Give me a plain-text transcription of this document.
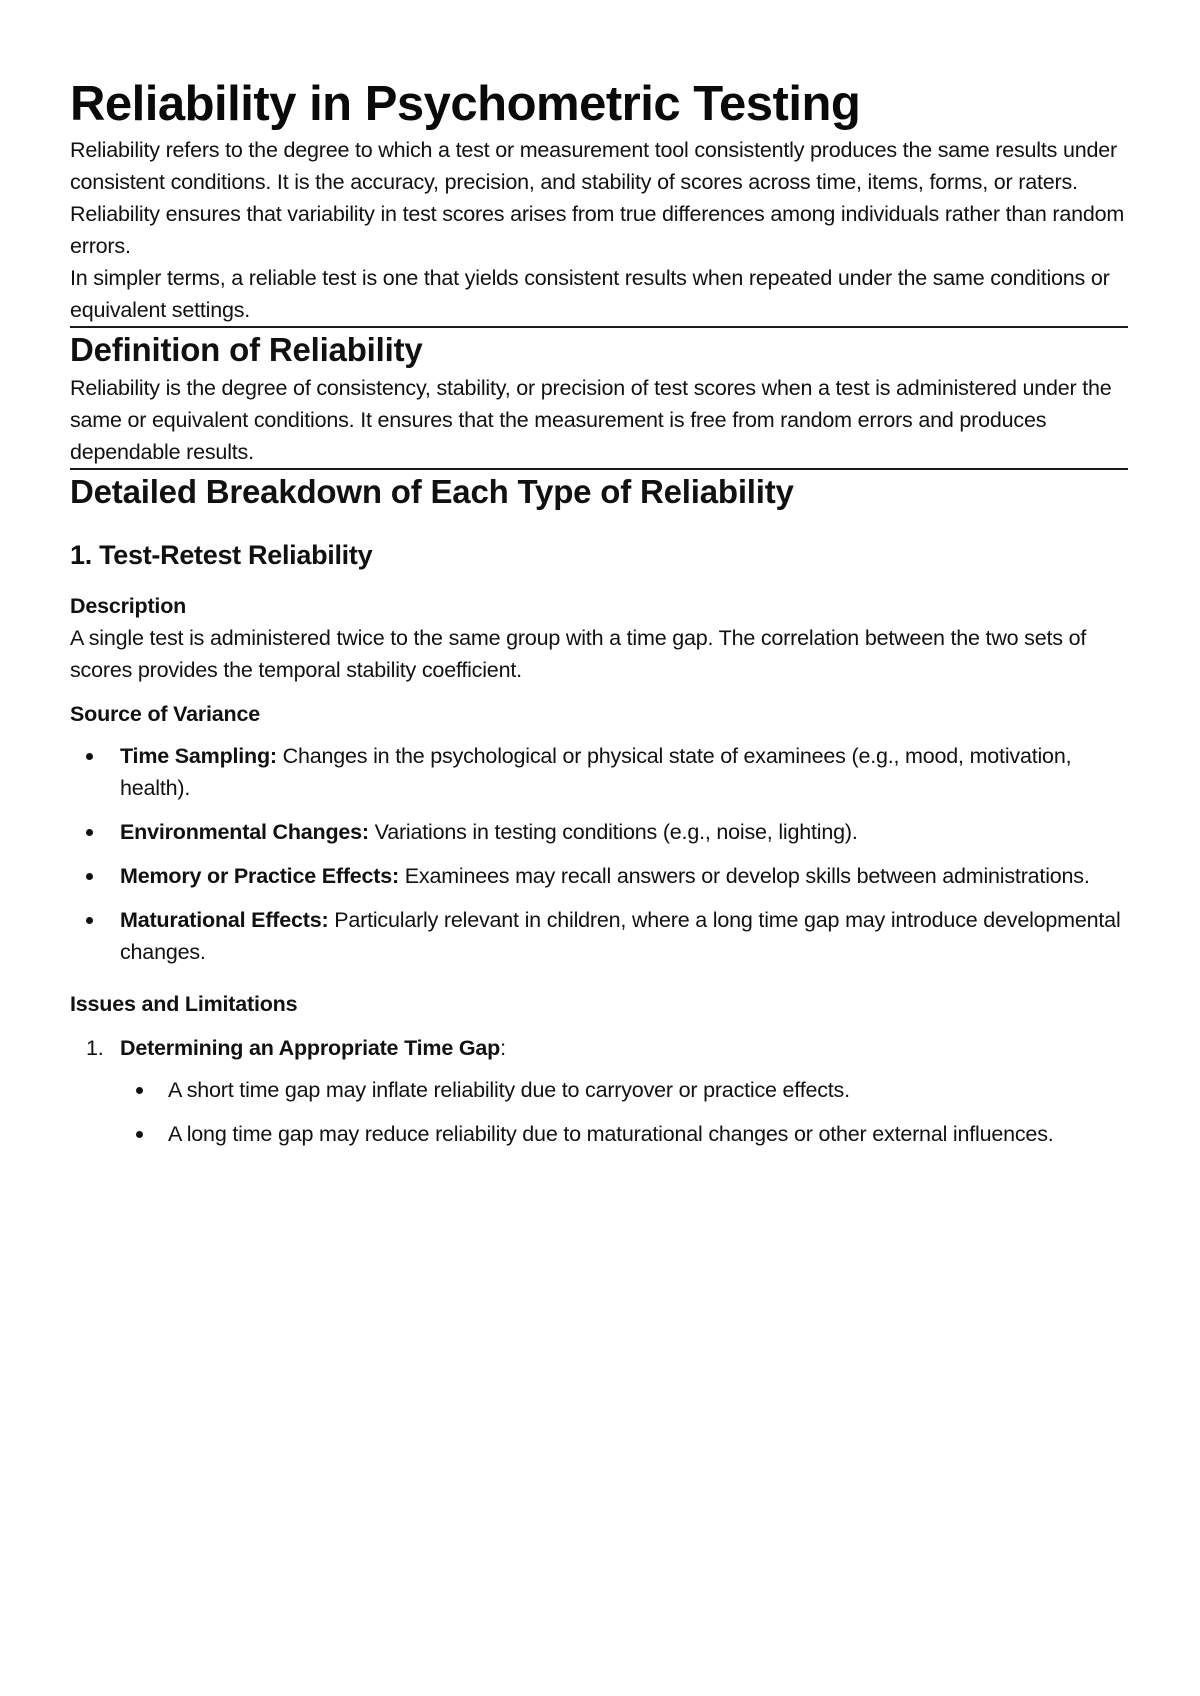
Reliability in Psychometric Testing

Reliability refers to the degree to which a test or measurement tool consistently produces the same results under consistent conditions. It is the accuracy, precision, and stability of scores across time, items, forms, or raters. Reliability ensures that variability in test scores arises from true differences among individuals rather than random errors.

In simpler terms, a reliable test is one that yields consistent results when repeated under the same conditions or equivalent settings.

Definition of Reliability

Reliability is the degree of consistency, stability, or precision of test scores when a test is administered under the same or equivalent conditions. It ensures that the measurement is free from random errors and produces dependable results.

Detailed Breakdown of Each Type of Reliability
1. Test-Retest Reliability

Description

A single test is administered twice to the same group with a time gap. The correlation between the two sets of scores provides the temporal stability coefficient.

Source of Variance

Time Sampling: Changes in the psychological or physical state of examinees (e.g., mood, motivation, health).
Environmental Changes: Variations in testing conditions (e.g., noise, lighting).
Memory or Practice Effects: Examinees may recall answers or develop skills between administrations.
Maturational Effects: Particularly relevant in children, where a long time gap may introduce developmental changes.

Issues and Limitations

1. Determining an Appropriate Time Gap:
A short time gap may inflate reliability due to carryover or practice effects.
A long time gap may reduce reliability due to maturational changes or other external influences.
